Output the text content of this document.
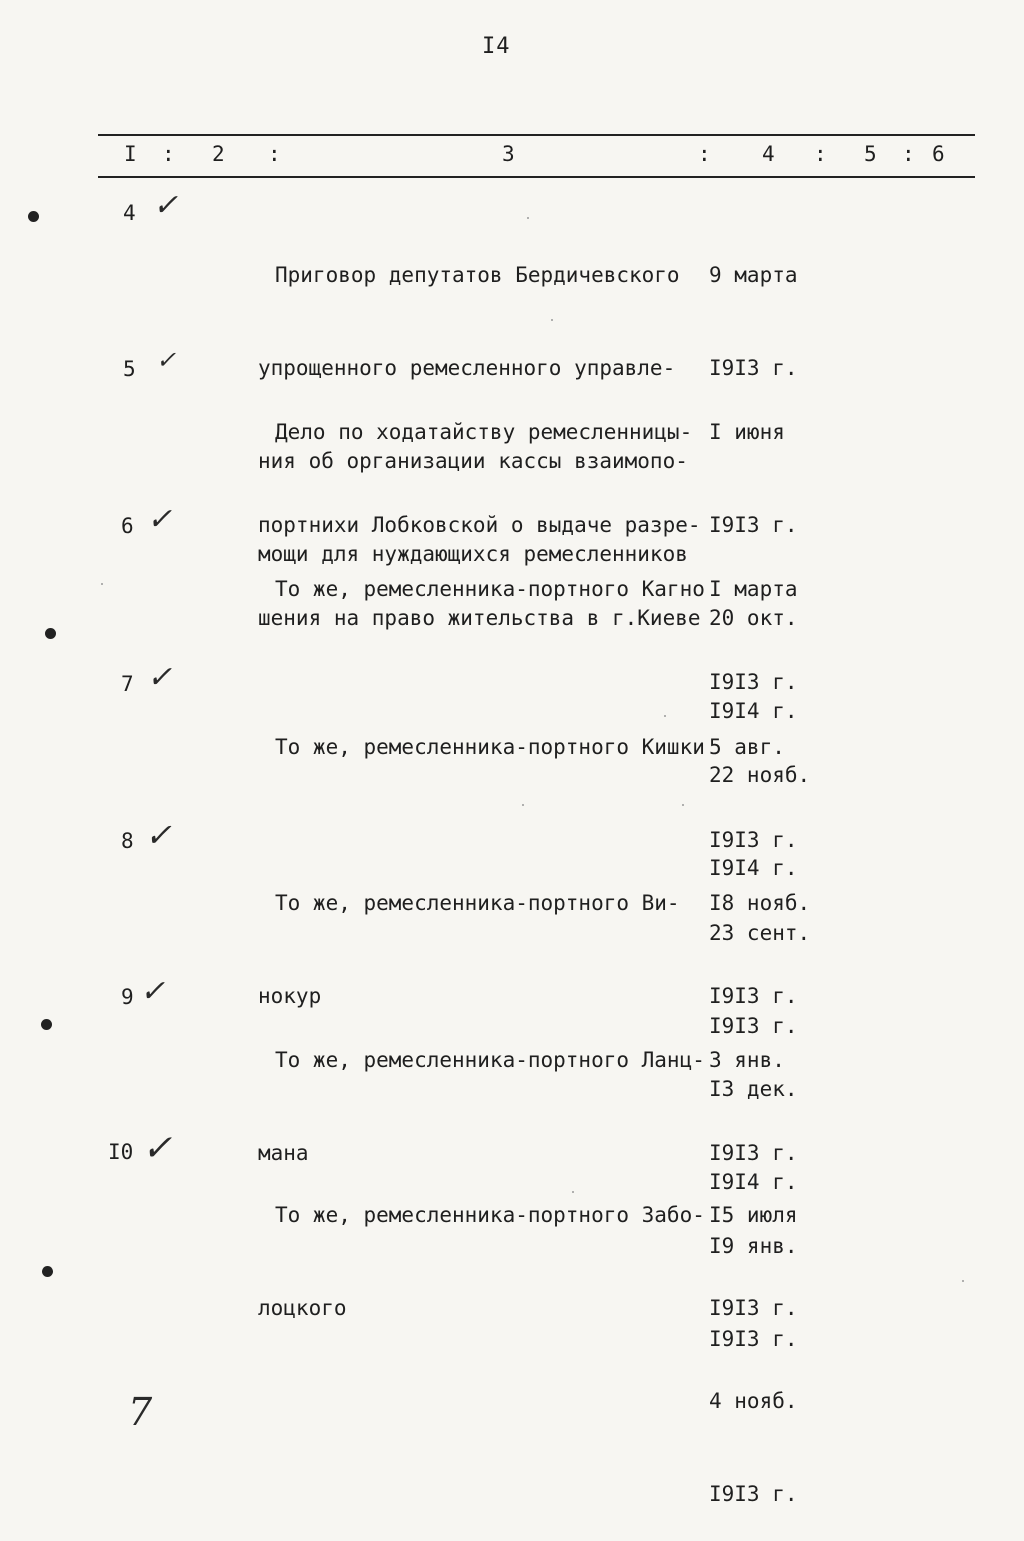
I4
I : 2 :	3	: 4 : 5 : 6
4 ✓

Приговор депутатов Бердичевского

упрощенного ремесленного управле-

ния об организации кассы взаимопо-

мощи для нуждающихся ремесленников

9 марта

I9I3 г.

5 ✓

Дело по ходатайству ремесленницы-

портнихи Лобковской о выдаче разре-

шения на право жительства в г.Киеве

I июня

I9I3 г.

20 окт.

I9I4 г.

6 ✓

То же, ремесленника-портного Кагно

I марта

I9I3 г.

22 нояб.

I9I4 г.

7 ✓

То же, ремесленника-портного Кишки

5 авг.

I9I3 г.

23 сент.

I9I3 г.

8 ✓

То же, ремесленника-портного Ви-

нокур

I8 нояб.

I9I3 г.

I3 дек.

I9I4 г.

9 ✓

То же, ремесленника-портного Ланц-

мана

3 янв.

I9I3 г.

I9 янв.

I9I3 г.

I0 ✓

То же, ремесленника-портного Забо-

лоцкого

I5 июля

I9I3 г.

4 нояб.

I9I3 г.

7
